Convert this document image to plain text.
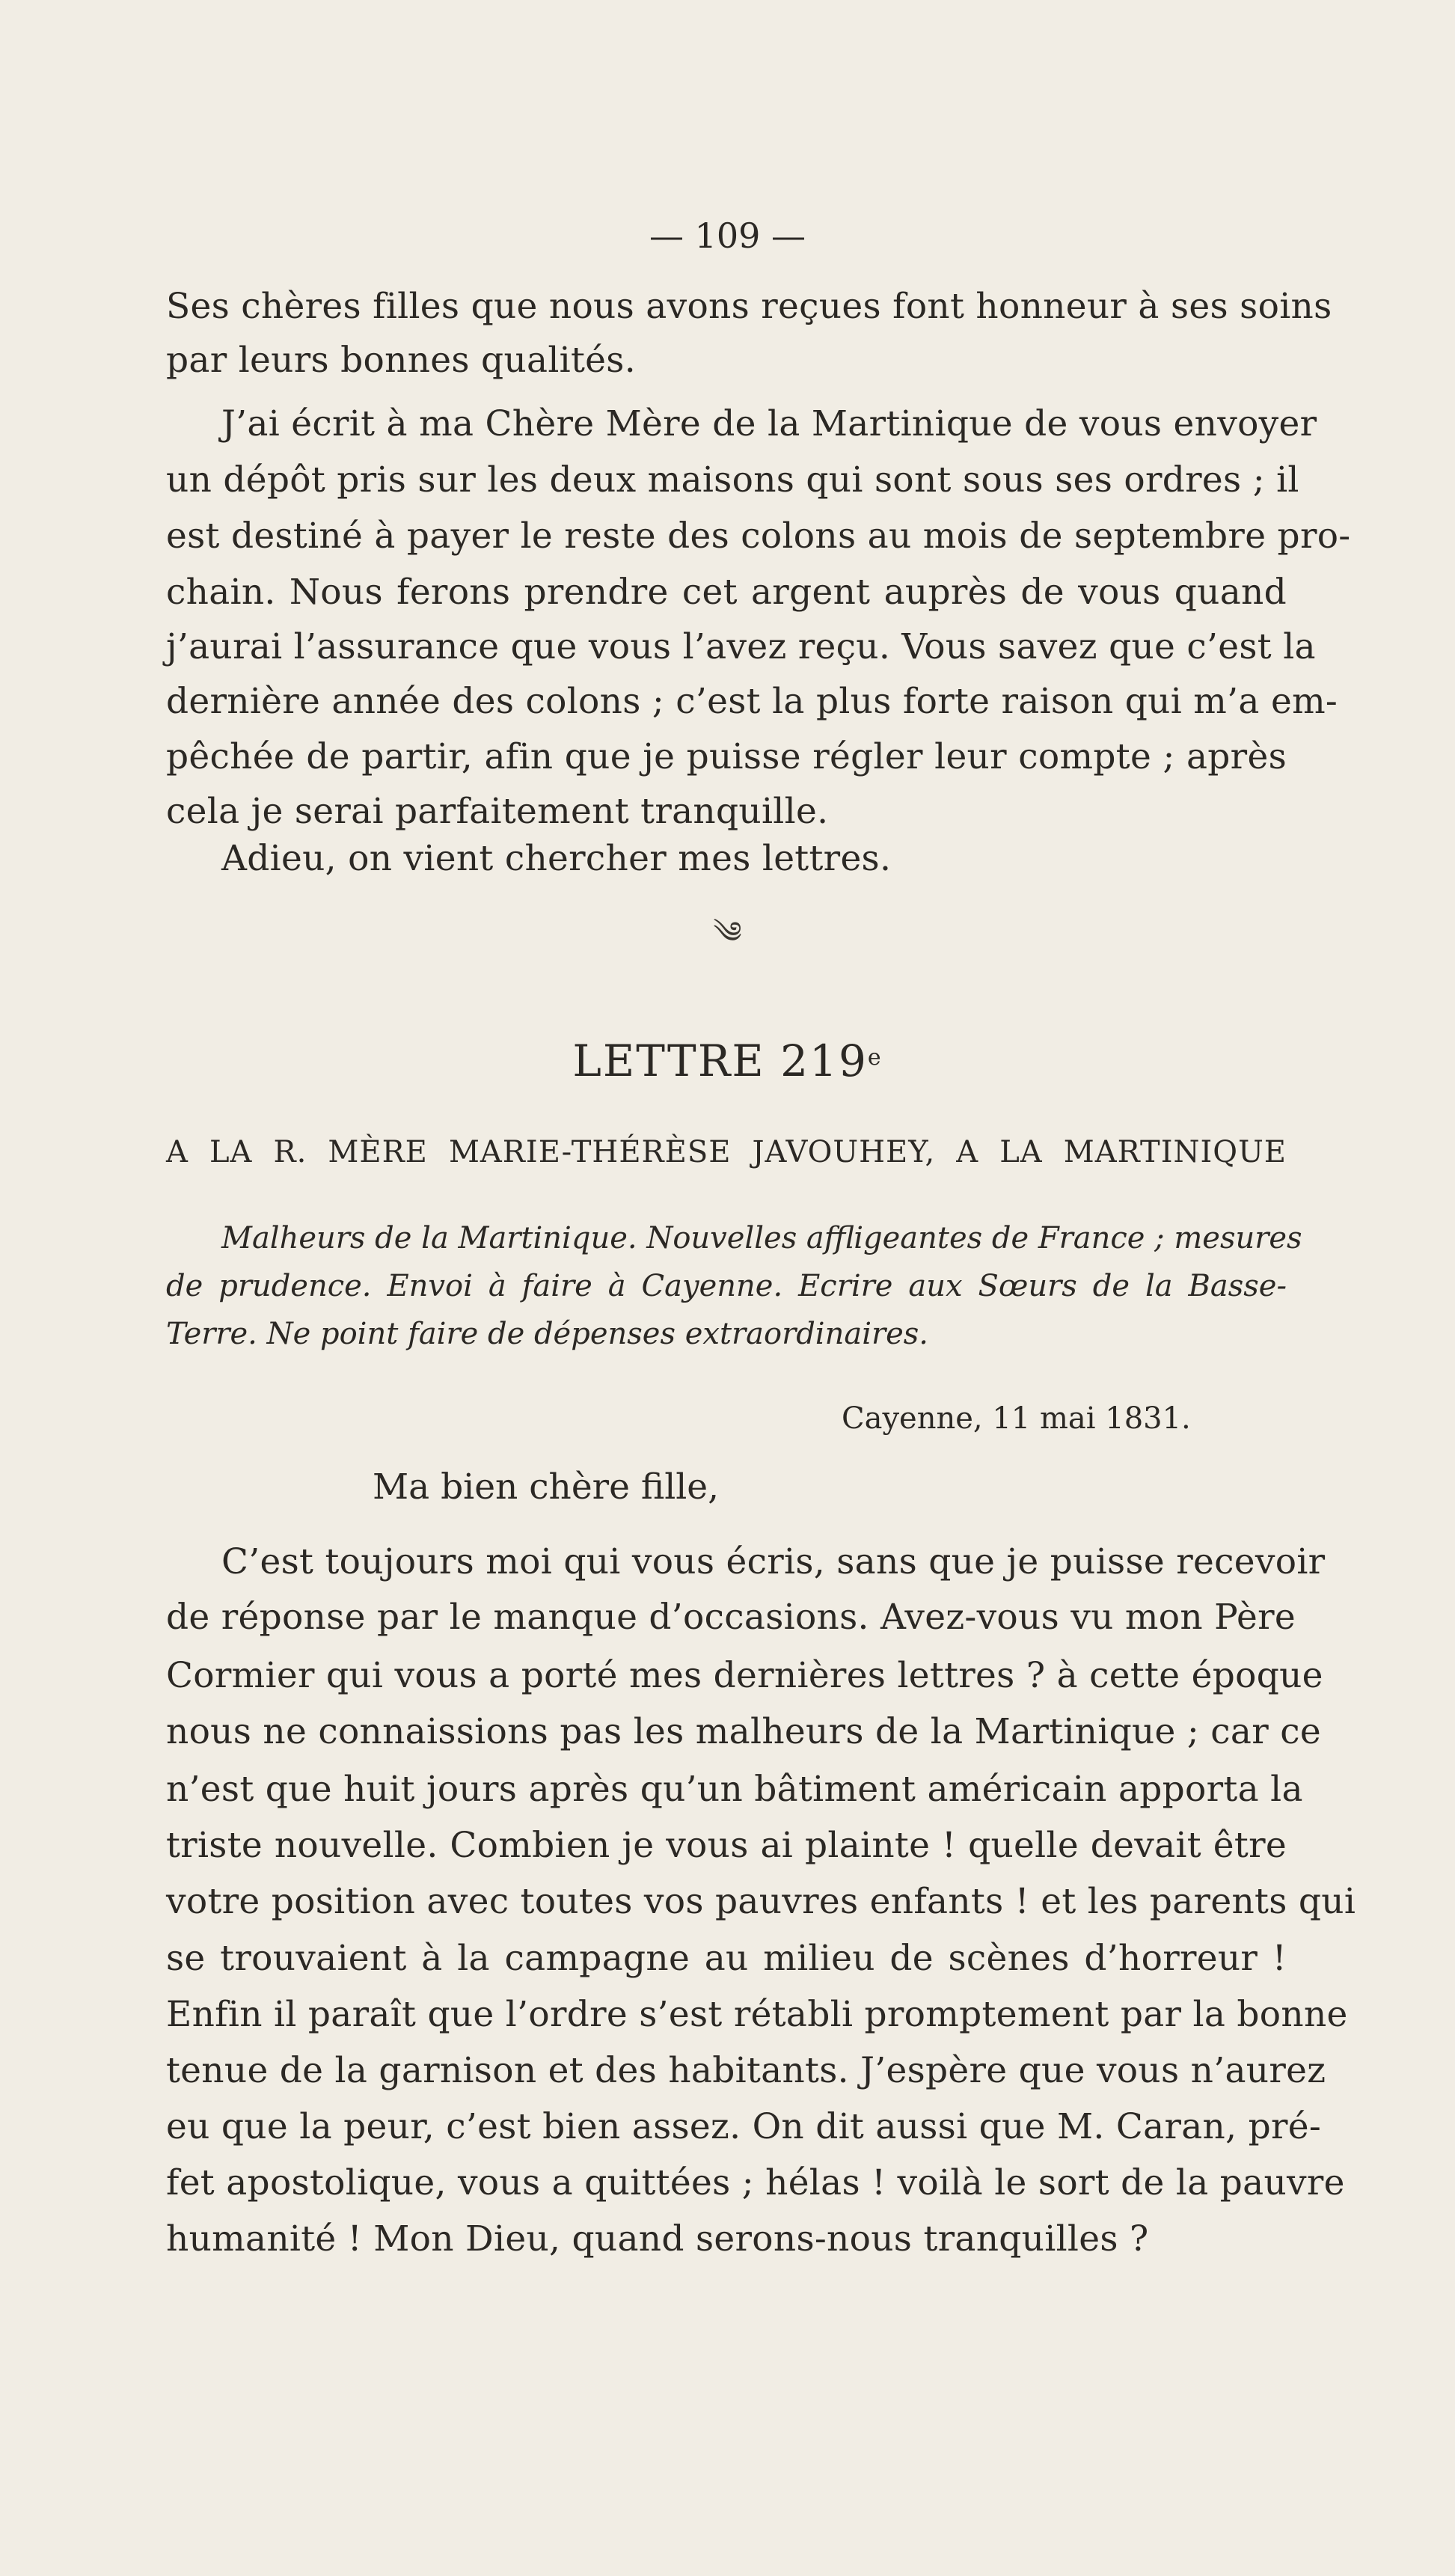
— 109 —
Ses chères filles que nous avons reçues font honneur à ses soins
par leurs bonnes qualités.
J’ai écrit à ma Chère Mère de la Martinique de vous envoyer
un dépôt pris sur les deux maisons qui sont sous ses ordres ; il
est destiné à payer le reste des colons au mois de septembre pro-
chain. Nous ferons prendre cet argent auprès de vous quand
j’aurai l’assurance que vous l’avez reçu. Vous savez que c’est la
dernière année des colons ; c’est la plus forte raison qui m’a em-
pêchée de partir, afin que je puisse régler leur compte ; après
cela je serai parfaitement tranquille.
Adieu, on vient chercher mes lettres.
༄
LETTRE 219e
A LA R. MÈRE MARIE-THÉRÈSE JAVOUHEY, A LA MARTINIQUE
Malheurs de la Martinique. Nouvelles affligeantes de France ; mesures
de prudence. Envoi à faire à Cayenne. Ecrire aux Sœurs de la Basse-
Terre. Ne point faire de dépenses extraordinaires.
Cayenne, 11 mai 1831.
Ma bien chère fille,
C’est toujours moi qui vous écris, sans que je puisse recevoir
de réponse par le manque d’occasions. Avez-vous vu mon Père
Cormier qui vous a porté mes dernières lettres ? à cette époque
nous ne connaissions pas les malheurs de la Martinique ; car ce
n’est que huit jours après qu’un bâtiment américain apporta la
triste nouvelle. Combien je vous ai plainte ! quelle devait être
votre position avec toutes vos pauvres enfants ! et les parents qui
se trouvaient à la campagne au milieu de scènes d’horreur !
Enfin il paraît que l’ordre s’est rétabli promptement par la bonne
tenue de la garnison et des habitants. J’espère que vous n’aurez
eu que la peur, c’est bien assez. On dit aussi que M. Caran, pré-
fet apostolique, vous a quittées ; hélas ! voilà le sort de la pauvre
humanité ! Mon Dieu, quand serons-nous tranquilles ?
